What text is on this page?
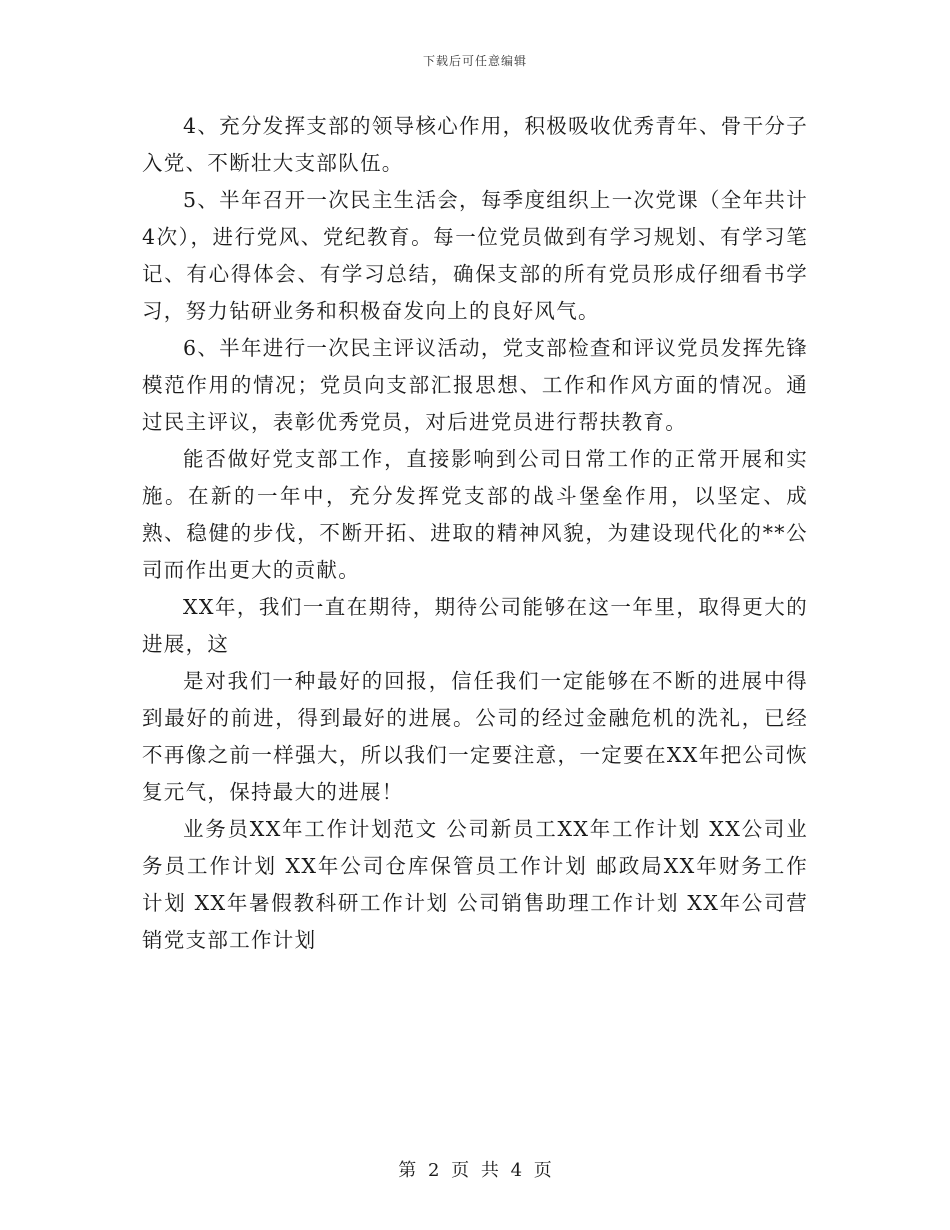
下载后可任意编辑

4、充分发挥支部的领导核心作用，积极吸收优秀青年、骨干分子入党、不断壮大支部队伍。

5、半年召开一次民主生活会，每季度组织上一次党课（全年共计4次），进行党风、党纪教育。每一位党员做到有学习规划、有学习笔记、有心得体会、有学习总结，确保支部的所有党员形成仔细看书学习，努力钻研业务和积极奋发向上的良好风气。

6、半年进行一次民主评议活动，党支部检查和评议党员发挥先锋模范作用的情况；党员向支部汇报思想、工作和作风方面的情况。通过民主评议，表彰优秀党员，对后进党员进行帮扶教育。

能否做好党支部工作，直接影响到公司日常工作的正常开展和实施。在新的一年中，充分发挥党支部的战斗堡垒作用，以坚定、成熟、稳健的步伐，不断开拓、进取的精神风貌，为建设现代化的**公司而作出更大的贡献。

XX年，我们一直在期待，期待公司能够在这一年里，取得更大的进展，这

是对我们一种最好的回报，信任我们一定能够在不断的进展中得到最好的前进，得到最好的进展。公司的经过金融危机的洗礼，已经不再像之前一样强大，所以我们一定要注意，一定要在XX年把公司恢复元气，保持最大的进展！

业务员XX年工作计划范文 公司新员工XX年工作计划 XX公司业务员工作计划 XX年公司仓库保管员工作计划 邮政局XX年财务工作计划 XX年暑假教科研工作计划 公司销售助理工作计划 XX年公司营销党支部工作计划

第 2 页 共 4 页
